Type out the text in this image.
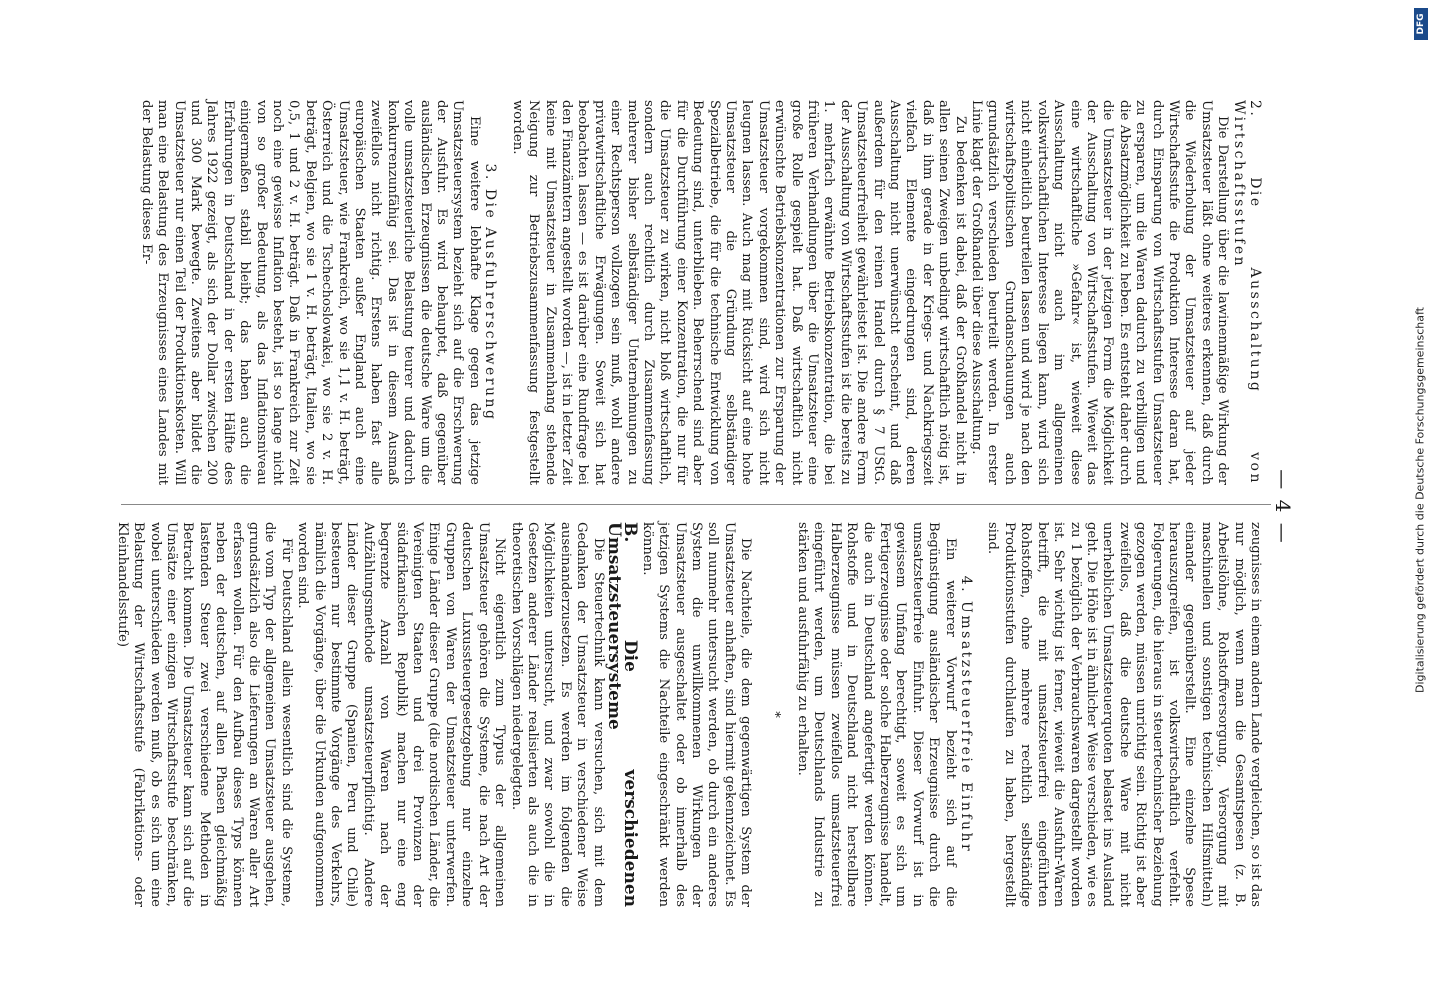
— 4 —

2. Die Ausschaltung von Wirtschaftsstufen

Die Darstellung über die lawinenmäßige Wirkung der Umsatzsteuer läßt ohne weiteres erkennen, daß durch die Wiederholung der Umsatzsteuer auf jeder Wirtschaftsstufe die Produktion Interesse daran hat, durch Einsparung von Wirtschaftsstufen Umsatzsteuer zu ersparen, um die Waren dadurch zu verbilligen und die Absatzmöglichkeit zu heben. Es entsteht daher durch die Umsatzsteuer in der jetzigen Form die Möglichkeit der Ausschaltung von Wirtschaftsstufen. Wieweit das eine wirtschaftliche »Gefahr« ist, wieweit diese Ausschaltung nicht auch im allgemeinen volkswirtschaftlichen Interesse liegen kann, wird sich nicht einheitlich beurteilen lassen und wird je nach den wirtschaftspolitischen Grundanschauungen auch grundsätzlich verschieden beurteilt werden. In erster Linie klagt der Großhandel über diese Ausschaltung.

Zu bedenken ist dabei, daß der Großhandel nicht in allen seinen Zweigen unbedingt wirtschaftlich nötig ist, daß in ihm gerade in der Kriegs- und Nachkriegszeit vielfach Elemente eingedrungen sind, deren Ausschaltung nicht unerwünscht erscheint, und daß außerdem für den reinen Handel durch § 7 UStG. Umsatzsteuerfreiheit gewährleistet ist. Die andere Form der Ausschaltung von Wirtschaftsstufen ist die bereits zu 1. mehrfach erwähnte Betriebskonzentration, die bei früheren Verhandlungen über die Umsatzsteuer eine große Rolle gespielt hat. Daß wirtschaftlich nicht erwünschte Betriebskonzentrationen zur Ersparung der Umsatzsteuer vorgekommen sind, wird sich nicht leugnen lassen. Auch mag mit Rücksicht auf eine hohe Umsatzsteuer die Gründung selbständiger Spezialbetriebe, die für die technische Entwicklung von Bedeutung sind, unterblieben. Beherrschend sind aber für die Durchführung einer Konzentration, die nur für die Umsatzsteuer zu wirken, nicht bloß wirtschaftlich, sondern auch rechtlich durch Zusammenfassung mehrerer bisher selbständiger Unternehmungen zu einer Rechtsperson vollzogen sein muß, wohl andere privatwirtschaftliche Erwägungen. Soweit sich hat beobachten lassen — es ist darüber eine Rundfrage bei den Finanzämtern angestellt worden —, ist in letzter Zeit keine mit Umsatzsteuer in Zusammenhang stehende Neigung zur Betriebszusammenfassung festgestellt worden.

3. Die Ausfuhrerschwerung

Eine weitere lebhafte Klage gegen das jetzige Umsatzsteuersystem bezieht sich auf die Erschwerung der Ausfuhr. Es wird behauptet, daß gegenüber ausländischen Erzeugnissen die deutsche Ware um die volle umsatzsteuerliche Belastung teurer und dadurch konkurrenzunfähig sei. Das ist in diesem Ausmaß zweifellos nicht richtig. Erstens haben fast alle europäischen Staaten außer England auch eine Umsatzsteuer, wie Frankreich, wo sie 1,1 v. H. beträgt, Österreich und die Tschechoslowakei, wo sie 2 v. H. beträgt, Belgien, wo sie 1 v. H. beträgt, Italien, wo sie 0,5, 1 und 2 v. H. beträgt. Daß in Frankreich zur Zeit noch eine gewisse Inflation besteht, ist so lange nicht von so großer Bedeutung, als das Inflationsniveau einigermaßen stabil bleibt; das haben auch die Erfahrungen in Deutschland in der ersten Hälfte des Jahres 1922 gezeigt, als sich der Dollar zwischen 200 und 300 Mark bewegte. Zweitens aber bildet die Umsatzsteuer nur einen Teil der Produktionskosten. Will man eine Belastung des Erzeugnisses eines Landes mit der Belastung dieses Er-

zeugnisses in einem andern Lande vergleichen, so ist das nur möglich, wenn man die Gesamtspesen (z. B. Arbeitslöhne, Rohstoffversorgung, Versorgung mit maschinellen und sonstigen technischen Hilfsmitteln) einander gegenüberstellt. Eine einzelne Spese herauszugreifen, ist volkswirtschaftlich verfehlt. Folgerungen, die hieraus in steuertechnischer Beziehung gezogen werden, müssen unrichtig sein. Richtig ist aber zweifellos, daß die deutsche Ware mit nicht unerheblichen Umsatzsteuerquoten belastet ins Ausland geht. Die Höhe ist in ähnlicher Weise verschieden, wie es zu 1 bezüglich der Verbrauchswaren dargestellt worden ist. Sehr wichtig ist ferner, wieweit die Ausfuhr-Waren betrifft, die mit umsatzsteuerfrei eingeführten Rohstoffen, ohne mehrere rechtlich selbständige Produktionsstufen durchlaufen zu haben, hergestellt sind.

4. Umsatzsteuerfreie Einfuhr

Ein weiterer Vorwurf bezieht sich auf die Begünstigung ausländischer Erzeugnisse durch die umsatzsteuerfreie Einfuhr. Dieser Vorwurf ist in gewissem Umfang berechtigt, soweit es sich um Fertigerzeugnisse oder solche Halberzeugnisse handelt, die auch in Deutschland angefertigt werden können. Rohstoffe und in Deutschland nicht herstellbare Halberzeugnisse müssen zweifellos umsatzsteuerfrei eingeführt werden, um Deutschlands Industrie zu stärken und ausfuhrfähig zu erhalten.

*

Die Nachteile, die dem gegenwärtigen System der Umsatzsteuer anhaften, sind hiermit gekennzeichnet. Es soll nunmehr untersucht werden, ob durch ein anderes System die unwillkommenen Wirkungen der Umsatzsteuer ausgeschaltet oder ob innerhalb des jetzigen Systems die Nachteile eingeschränkt werden können.

B. Die verschiedenen Umsatzsteuersysteme

Die Steuertechnik kann versuchen, sich mit dem Gedanken der Umsatzsteuer in verschiedener Weise auseinanderzusetzen. Es werden im folgenden die Möglichkeiten untersucht, und zwar sowohl die in Gesetzen anderer Länder realisierten als auch die in theoretischen Vorschlägen niedergelegten.

Nicht eigentlich zum Typus der allgemeinen Umsatzsteuer gehören die Systeme, die nach Art der deutschen Luxussteuergesetzgebung nur einzelne Gruppen von Waren der Umsatzsteuer unterwerfen. Einige Länder dieser Gruppe (die nordischen Länder, die Vereinigten Staaten und drei Provinzen der südafrikanischen Republik) machen nur eine eng begrenzte Anzahl von Waren nach der Aufzählungsmethode umsatzsteuerpflichtig. Andere Länder dieser Gruppe (Spanien, Peru und Chile) besteuern nur bestimmte Vorgänge des Verkehrs, nämlich die Vorgänge, über die Urkunden aufgenommen worden sind.

Für Deutschland allein wesentlich sind die Systeme, die vom Typ der allgemeinen Umsatzsteuer ausgehen, grundsätzlich also die Lieferungen an Waren aller Art erfassen wollen. Für den Aufbau dieses Typs können neben der deutschen, auf allen Phasen gleichmäßig lastenden Steuer zwei verschiedene Methoden in Betracht kommen. Die Umsatzsteuer kann sich auf die Umsätze einer einzigen Wirtschaftsstufe beschränken, wobei unterschieden werden muß, ob es sich um eine Belastung der Wirtschaftsstufe (Fabrikations- oder Kleinhandelsstufe)	Digitalisierung gefördert durch die Deutsche Forschungsgemeinschaft
DFG
